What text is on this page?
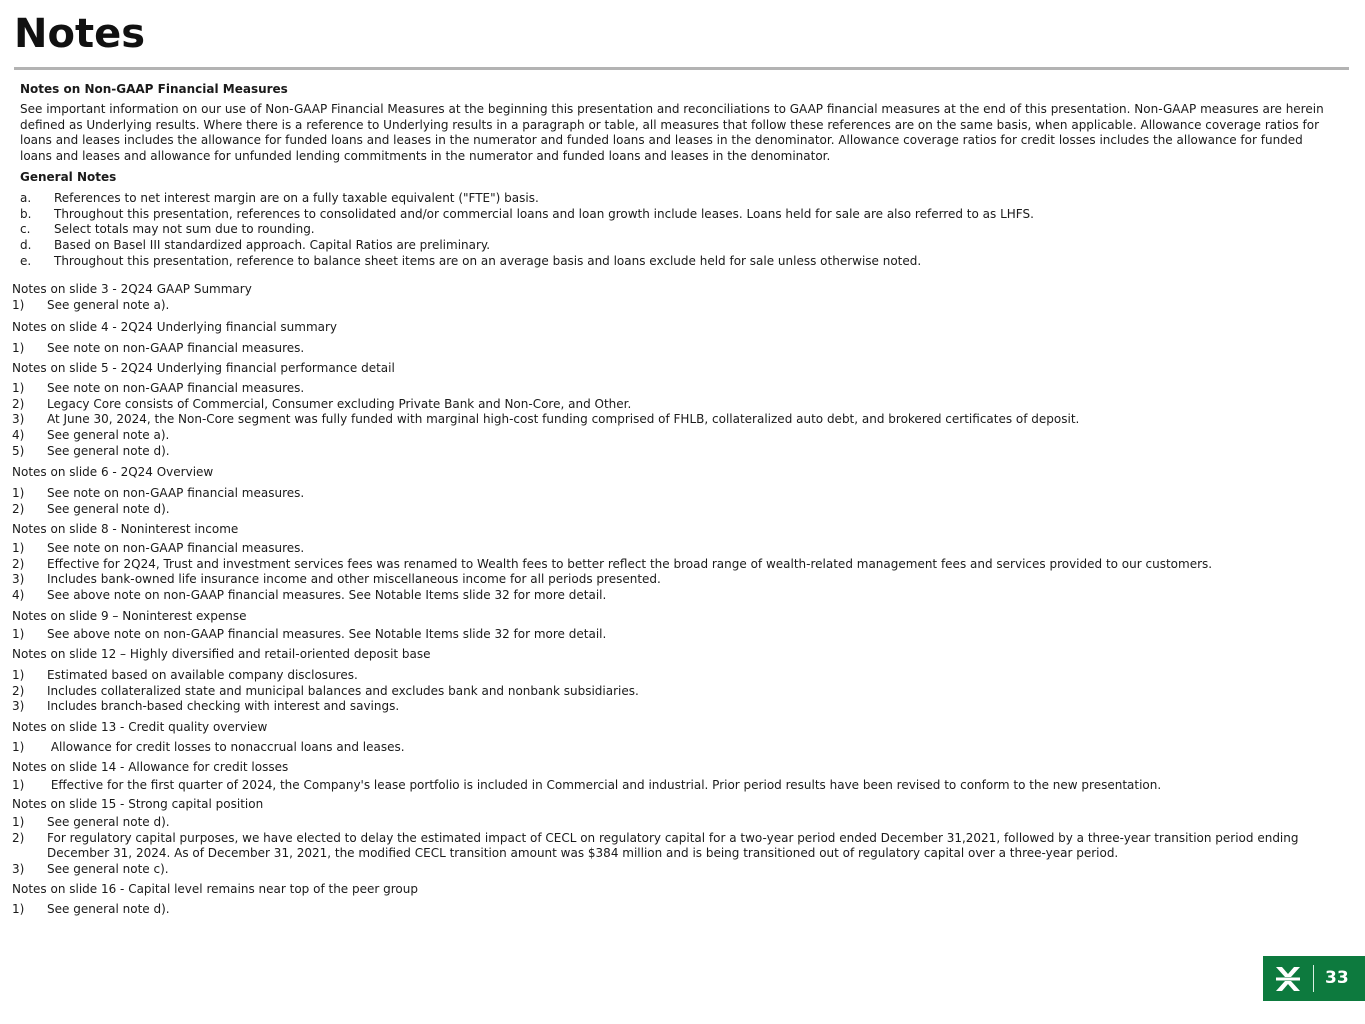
Notes
Notes on Non-GAAP Financial Measures
See important information on our use of Non-GAAP Financial Measures at the beginning this presentation and reconciliations to GAAP financial measures at the end of this presentation. Non-GAAP measures are herein defined as Underlying results. Where there is a reference to Underlying results in a paragraph or table, all measures that follow these references are on the same basis, when applicable. Allowance coverage ratios for loans and leases includes the allowance for funded loans and leases in the numerator and funded loans and leases in the denominator. Allowance coverage ratios for credit losses includes the allowance for funded loans and leases and allowance for unfunded lending commitments in the numerator and funded loans and leases in the denominator.
General Notes
a. References to net interest margin are on a fully taxable equivalent ("FTE") basis.
b. Throughout this presentation, references to consolidated and/or commercial loans and loan growth include leases. Loans held for sale are also referred to as LHFS.
c. Select totals may not sum due to rounding.
d. Based on Basel III standardized approach. Capital Ratios are preliminary.
e. Throughout this presentation, reference to balance sheet items are on an average basis and loans exclude held for sale unless otherwise noted.
Notes on slide 3 - 2Q24 GAAP Summary
1) See general note a).
Notes on slide 4 - 2Q24 Underlying financial summary
1) See note on non-GAAP financial measures.
Notes on slide 5 - 2Q24 Underlying financial performance detail
1) See note on non-GAAP financial measures.
2) Legacy Core consists of Commercial, Consumer excluding Private Bank and Non-Core, and Other.
3) At June 30, 2024, the Non-Core segment was fully funded with marginal high-cost funding comprised of FHLB, collateralized auto debt, and brokered certificates of deposit.
4) See general note a).
5) See general note d).
Notes on slide 6 - 2Q24 Overview
1) See note on non-GAAP financial measures.
2) See general note d).
Notes on slide 8 - Noninterest income
1) See note on non-GAAP financial measures.
2) Effective for 2Q24, Trust and investment services fees was renamed to Wealth fees to better reflect the broad range of wealth-related management fees and services provided to our customers.
3) Includes bank-owned life insurance income and other miscellaneous income for all periods presented.
4) See above note on non-GAAP financial measures. See Notable Items slide 32 for more detail.
Notes on slide 9 – Noninterest expense
1) See above note on non-GAAP financial measures. See Notable Items slide 32 for more detail.
Notes on slide 12 – Highly diversified and retail-oriented deposit base
1) Estimated based on available company disclosures.
2) Includes collateralized state and municipal balances and excludes bank and nonbank subsidiaries.
3) Includes branch-based checking with interest and savings.
Notes on slide 13 - Credit quality overview
1) Allowance for credit losses to nonaccrual loans and leases.
Notes on slide 14 - Allowance for credit losses
1) Effective for the first quarter of 2024, the Company's lease portfolio is included in Commercial and industrial. Prior period results have been revised to conform to the new presentation.
Notes on slide 15 - Strong capital position
1) See general note d).
2) For regulatory capital purposes, we have elected to delay the estimated impact of CECL on regulatory capital for a two-year period ended December 31,2021, followed by a three-year transition period ending December 31, 2024. As of December 31, 2021, the modified CECL transition amount was $384 million and is being transitioned out of regulatory capital over a three-year period.
3) See general note c).
Notes on slide 16 - Capital level remains near top of the peer group
1) See general note d).
33
